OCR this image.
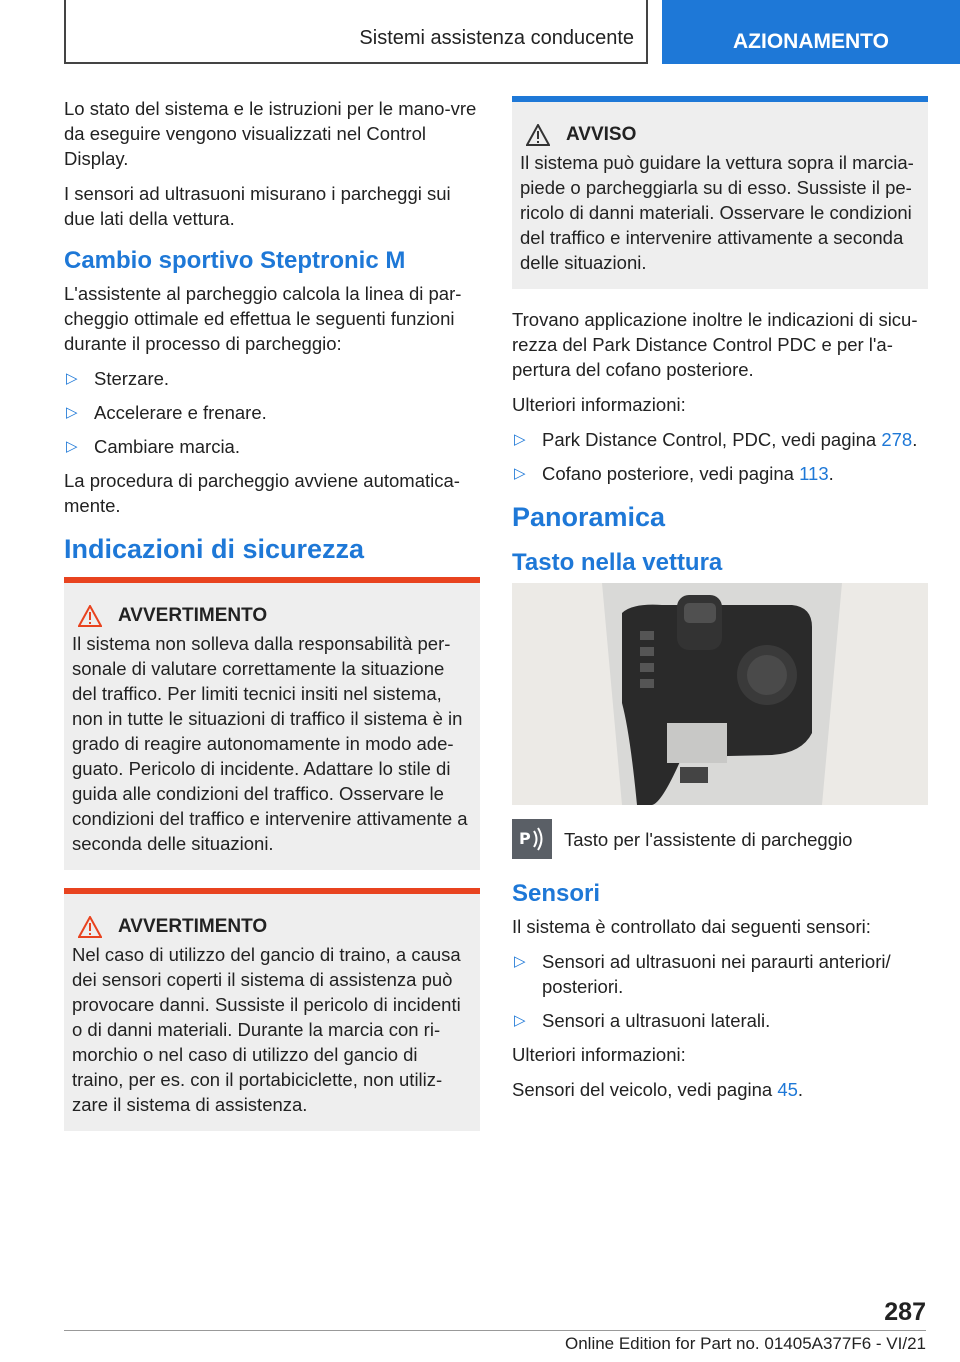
Sistemi assistenza conducente	AZIONAMENTO

Lo stato del sistema e le istruzioni per le mano-vre da eseguire vengono visualizzati nel Control Display.

I sensori ad ultrasuoni misurano i parcheggi sui due lati della vettura.

Cambio sportivo Steptronic M

L'assistente al parcheggio calcola la linea di par-cheggio ottimale ed effettua le seguenti funzioni durante il processo di parcheggio:

▷ Sterzare.
▷ Accelerare e frenare.
▷ Cambiare marcia.

La procedura di parcheggio avviene automatica-mente.

Indicazioni di sicurezza
AVVERTIMENTO

Il sistema non solleva dalla responsabilità per-sonale di valutare correttamente la situazione del traffico. Per limiti tecnici insiti nel sistema, non in tutte le situazioni di traffico il sistema è in grado di reagire autonomamente in modo ade-guato. Pericolo di incidente. Adattare lo stile di guida alle condizioni del traffico. Osservare le condizioni del traffico e intervenire attivamente a seconda delle situazioni.

AVVERTIMENTO

Nel caso di utilizzo del gancio di traino, a causa dei sensori coperti il sistema di assistenza può provocare danni. Sussiste il pericolo di incidenti o di danni materiali. Durante la marcia con ri-morchio o nel caso di utilizzo del gancio di traino, per es. con il portabiciclette, non utiliz-zare il sistema di assistenza.

AVVISO

Il sistema può guidare la vettura sopra il marcia-piede o parcheggiarla su di esso. Sussiste il pe-ricolo di danni materiali. Osservare le condizioni del traffico e intervenire attivamente a seconda delle situazioni.

Trovano applicazione inoltre le indicazioni di sicu-rezza del Park Distance Control PDC e per l'a-pertura del cofano posteriore.

Ulteriori informazioni:

▷ Park Distance Control, PDC, vedi pagina 278.
▷ Cofano posteriore, vedi pagina 113.
Panoramica
Tasto nella vettura
P Tasto per l'assistente di parcheggio

Sensori

Il sistema è controllato dai seguenti sensori:

▷ Sensori ad ultrasuoni nei paraurti anteriori/ posteriori.
▷ Sensori a ultrasuoni laterali.

Ulteriori informazioni:

Sensori del veicolo, vedi pagina 45.

287
Online Edition for Part no. 01405A377F6 - VI/21
